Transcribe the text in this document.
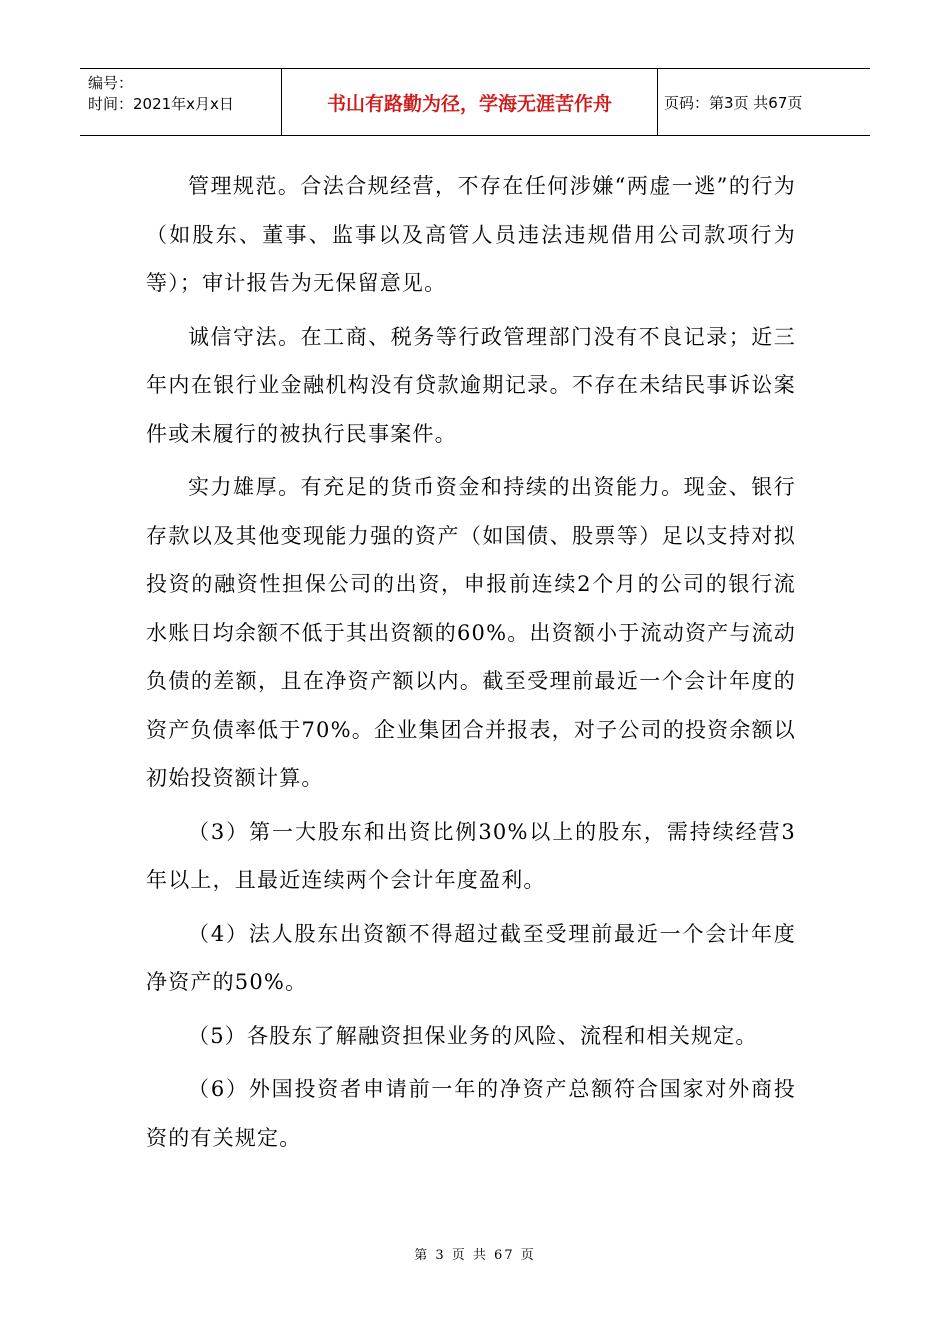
编号：
时间：2021年x月x日	书山有路勤为径，学海无涯苦作舟	页码：第3页 共67页

管理规范。合法合规经营，不存在任何涉嫌“两虚一逃”的行为（如股东、董事、监事以及高管人员违法违规借用公司款项行为等）；审计报告为无保留意见。

诚信守法。在工商、税务等行政管理部门没有不良记录；近三年内在银行业金融机构没有贷款逾期记录。不存在未结民事诉讼案件或未履行的被执行民事案件。

实力雄厚。有充足的货币资金和持续的出资能力。现金、银行存款以及其他变现能力强的资产（如国债、股票等）足以支持对拟投资的融资性担保公司的出资，申报前连续2个月的公司的银行流水账日均余额不低于其出资额的60%。出资额小于流动资产与流动负债的差额，且在净资产额以内。截至受理前最近一个会计年度的资产负债率低于70%。企业集团合并报表，对子公司的投资余额以初始投资额计算。

（3）第一大股东和出资比例30%以上的股东，需持续经营3年以上，且最近连续两个会计年度盈利。

（4）法人股东出资额不得超过截至受理前最近一个会计年度净资产的50%。

（5）各股东了解融资担保业务的风险、流程和相关规定。

（6）外国投资者申请前一年的净资产总额符合国家对外商投资的有关规定。

第 3 页 共 67 页
